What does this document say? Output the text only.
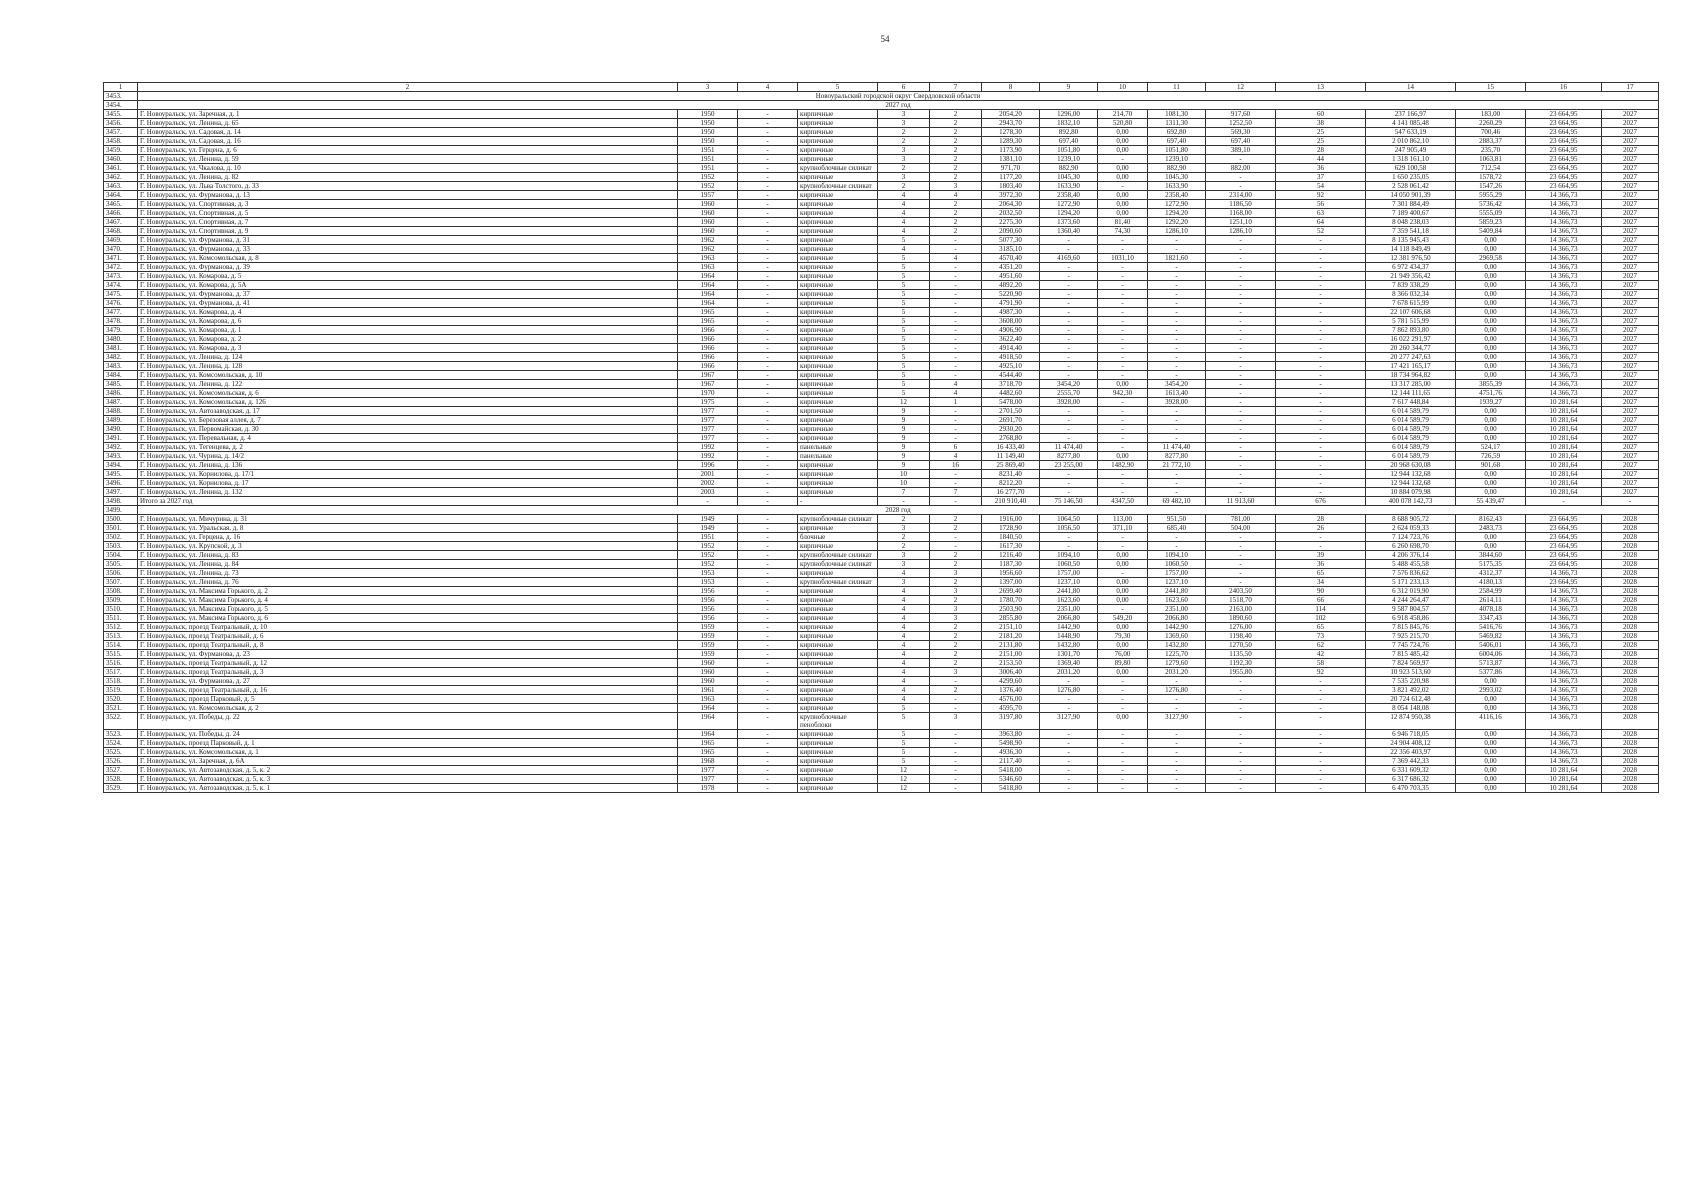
54
1	2	3	4	5	6	7	8	9	10	11	12	13	14	15	16	17
3453.	Новоуральский городской округ Свердловской области															
3454.	2027 год															
3455.	Г. Новоуральск, ул. Заречная, д. 1	1950	-	кирпичные	3	2	2054,20	1296,00	214,70	1081,30	917,60	60	237 166,97	183,00	23 664,95	2027
3456.	Г. Новоуральск, ул. Ленина, д. 65	1950	-	кирпичные	3	2	2943,70	1832,10	520,80	1311,30	1252,50	38	4 141 085,48	2260,29	23 664,95	2027
3457.	Г. Новоуральск, ул. Садовая, д. 14	1950	-	кирпичные	2	2	1278,30	892,80	0,00	692,80	569,30	25	547 633,19	700,46	23 664,95	2027
3458.	Г. Новоуральск, ул. Садовая, д. 16	1950	-	кирпичные	2	2	1289,30	697,40	0,00	697,40	697,40	25	2 010 862,10	2883,37	23 664,95	2027
3459.	Г. Новоуральск, ул. Герцена, д. 6	1951	-	кирпичные	3	2	1173,90	1051,80	0,00	1051,80	389,10	28	247 905,49	235,70	23 664,95	2027
3460.	Г. Новоуральск, ул. Ленина, д. 59	1951	-	кирпичные	3	2	1381,10	1239,10	-	1239,10	-	44	1 318 161,10	1063,81	23 664,95	2027
3461.	Г. Новоуральск, ул. Чкалова, д. 10	1951	-	крупноблочные силикат	2	2	971,70	882,90	0,00	882,90	882,00	36	629 100,58	712,54	23 664,95	2027
3462.	Г. Новоуральск, ул. Ленина, д. 82	1952	-	кирпичные	3	2	1177,20	1045,30	0,00	1045,30	-	37	1 650 235,05	1578,72	23 664,95	2027
3463.	Г. Новоуральск, ул. Льва Толстого, д. 33	1952	-	крупноблочные силикат	2	3	1803,40	1633,90	-	1633,90	-	54	2 528 061,42	1547,26	23 664,95	2027
3464.	Г. Новоуральск, ул. Фурманова, д. 13	1957	-	кирпичные	4	4	3972,30	2358,40	0,00	2358,40	2314,00	92	14 050 901,39	5955,29	14 366,73	2027
3465.	Г. Новоуральск, ул. Спортивная, д. 3	1960	-	кирпичные	4	2	2064,30	1272,90	0,00	1272,90	1186,50	56	7 301 884,49	5736,42	14 366,73	2027
3466.	Г. Новоуральск, ул. Спортивная, д. 5	1960	-	кирпичные	4	2	2032,50	1294,20	0,00	1294,20	1168,00	63	7 189 400,67	5555,09	14 366,73	2027
3467.	Г. Новоуральск, ул. Спортивная, д. 7	1960	-	кирпичные	4	2	2275,30	1373,60	81,40	1292,20	1251,10	64	8 048 238,03	5859,23	14 366,73	2027
3468.	Г. Новоуральск, ул. Спортивная, д. 9	1960	-	кирпичные	4	2	2090,60	1360,40	74,30	1286,10	1286,10	52	7 359 541,18	5409,84	14 366,73	2027
3469.	Г. Новоуральск, ул. Фурманова, д. 31	1962	-	кирпичные	5	-	5077,30	-	-	-	-	-	8 135 945,43	0,00	14 366,73	2027
3470.	Г. Новоуральск, ул. Фурманова, д. 33	1962	-	кирпичные	4	-	3185,10	-	-	-	-	-	14 118 849,49	0,00	14 366,73	2027
3471.	Г. Новоуральск, ул. Комсомольская, д. 8	1963	-	кирпичные	5	4	4570,40	4169,60	1031,10	1821,60	-	-	12 381 976,50	2969,58	14 366,73	2027
3472.	Г. Новоуральск, ул. Фурманова, д. 39	1963	-	кирпичные	5	-	4351,20	-	-	-	-	-	6 972 434,37	0,00	14 366,73	2027
3473.	Г. Новоуральск, ул. Комарова, д. 5	1964	-	кирпичные	5	-	4951,60	-	-	-	-	-	21 949 356,42	0,00	14 366,73	2027
3474.	Г. Новоуральск, ул. Комарова, д. 5А	1964	-	кирпичные	5	-	4892,20	-	-	-	-	-	7 839 338,29	0,00	14 366,73	2027
3475.	Г. Новоуральск, ул. Фурманова, д. 37	1964	-	кирпичные	5	-	5220,90	-	-	-	-	-	8 366 032,34	0,00	14 366,73	2027
3476.	Г. Новоуральск, ул. Фурманова, д. 41	1964	-	кирпичные	5	-	4791,90	-	-	-	-	-	7 678 615,99	0,00	14 366,73	2027
3477.	Г. Новоуральск, ул. Комарова, д. 4	1965	-	кирпичные	5	-	4987,30	-	-	-	-	-	22 107 606,68	0,00	14 366,73	2027
3478.	Г. Новоуральск, ул. Комарова, д. 6	1965	-	кирпичные	5	-	3608,00	-	-	-	-	-	5 781 515,99	0,00	14 366,73	2027
3479.	Г. Новоуральск, ул. Комарова, д. 1	1966	-	кирпичные	5	-	4906,90	-	-	-	-	-	7 862 893,80	0,00	14 366,73	2027
3480.	Г. Новоуральск, ул. Комарова, д. 2	1966	-	кирпичные	5	-	3622,40	-	-	-	-	-	16 022 291,97	0,00	14 366,73	2027
3481.	Г. Новоуральск, ул. Комарова, д. 3	1966	-	кирпичные	5	-	4914,40	-	-	-	-	-	20 260 344,77	0,00	14 366,73	2027
3482.	Г. Новоуральск, ул. Ленина, д. 124	1966	-	кирпичные	5	-	4918,50	-	-	-	-	-	20 277 247,63	0,00	14 366,73	2027
3483.	Г. Новоуральск, ул. Ленина, д. 128	1966	-	кирпичные	5	-	4925,10	-	-	-	-	-	17 421 165,17	0,00	14 366,73	2027
3484.	Г. Новоуральск, ул. Комсомольская, д. 10	1967	-	кирпичные	5	-	4544,40	-	-	-	-	-	18 734 964,82	0,00	14 366,73	2027
3485.	Г. Новоуральск, ул. Ленина, д. 122	1967	-	кирпичные	5	4	3718,70	3454,20	0,00	3454,20	-	-	13 317 285,00	3855,39	14 366,73	2027
3486.	Г. Новоуральск, ул. Комсомольская, д. 6	1970	-	кирпичные	5	4	4482,60	2555,70	942,30	1613,40	-	-	12 144 111,65	4751,76	14 366,73	2027
3487.	Г. Новоуральск, ул. Комсомольская, д. 126	1975	-	кирпичные	12	1	5478,00	3928,00	-	3928,00	-	-	7 617 448,84	1939,27	10 281,64	2027
3488.	Г. Новоуральск, ул. Автозаводская, д. 17	1977	-	кирпичные	9	-	2701,50	-	-	-	-	-	6 014 589,79	0,00	10 281,64	2027
3489.	Г. Новоуральск, ул. Березовая аллея, д. 7	1977	-	кирпичные	9	-	2691,70	-	-	-	-	-	6 014 589,79	0,00	10 281,64	2027
3490.	Г. Новоуральск, ул. Первомайская, д. 30	1977	-	кирпичные	9	-	2930,20	-	-	-	-	-	6 014 589,79	0,00	10 281,64	2027
3491.	Г. Новоуральск, ул. Перевальная, д. 4	1977	-	кирпичные	9	-	2768,80	-	-	-	-	-	6 014 589,79	0,00	10 281,64	2027
3492.	Г. Новоуральск, ул. Тегенцева, д. 2	1992	-	панельные	9	6	16 433,40	11 474,40	-	11 474,40	-	-	6 014 589,79	524,17	10 281,64	2027
3493.	Г. Новоуральск, ул. Чурина, д. 14/2	1992	-	панельные	9	4	11 149,40	8277,80	0,00	8277,80	-	-	6 014 589,79	726,59	10 281,64	2027
3494.	Г. Новоуральск, ул. Ленина, д. 136	1996	-	кирпичные	9	16	25 869,40	23 255,00	1482,90	21 772,10	-	-	20 968 630,08	901,68	10 281,64	2027
3495.	Г. Новоуральск, ул. Корнилова, д. 17/1	2001	-	кирпичные	10	-	8231,40	-	-	-	-	-	12 944 132,68	0,00	10 281,64	2027
3496.	Г. Новоуральск, ул. Корнилова, д. 17	2002	-	кирпичные	10	-	8212,20	-	-	-	-	-	12 944 132,68	0,00	10 281,64	2027
3497.	Г. Новоуральск, ул. Ленина, д. 132	2003	-	кирпичные	7	7	16 277,70	-	-	-	-	-	10 884 079,98	0,00	10 281,64	2027
3498.	Итого за 2027 год	-	-	-	-	-	210 910,40	75 146,50	4347,50	69 482,10	11 913,60	676	400 078 142,73	55 439,47	-	-
3499.	2028 год															
3500.	Г. Новоуральск, ул. Мичурина, д. 31	1949	-	крупноблочные силикат	2	2	1916,00	1064,50	113,00	951,50	781,00	28	8 688 905,72	8162,43	23 664,95	2028
3501.	Г. Новоуральск, ул. Уральская, д. 8	1949	-	кирпичные	3	2	1728,90	1056,50	371,10	685,40	504,00	26	2 624 059,33	2483,73	23 664,95	2028
3502.	Г. Новоуральск, ул. Герцена, д. 16	1951	-	блочные	2	-	1840,50	-	-	-	-	-	7 124 723,76	0,00	23 664,95	2028
3503.	Г. Новоуральск, ул. Крупской, д. 3	1952	-	кирпичные	2	-	1617,30	-	-	-	-	-	6 260 698,70	0,00	23 664,95	2028
3504.	Г. Новоуральск, ул. Ленина, д. 83	1952	-	крупноблочные силикат	3	2	1216,40	1094,10	0,00	1094,10	-	39	4 206 376,14	3844,60	23 664,95	2028
3505.	Г. Новоуральск, ул. Ленина, д. 84	1952	-	крупноблочные силикат	3	2	1187,30	1060,50	0,00	1060,50	-	36	5 488 455,58	5175,35	23 664,95	2028
3506.	Г. Новоуральск, ул. Ленина, д. 73	1953	-	кирпичные	4	3	1956,60	1757,00	-	1757,00	-	65	7 576 836,62	4312,37	14 366,73	2028
3507.	Г. Новоуральск, ул. Ленина, д. 76	1953	-	крупноблочные силикат	3	2	1397,00	1237,10	0,00	1237,10	-	34	5 171 233,13	4180,13	23 664,95	2028
3508.	Г. Новоуральск, ул. Максима Горького, д. 2	1956	-	кирпичные	4	3	2699,40	2441,80	0,00	2441,80	2403,50	90	6 312 019,90	2584,99	14 366,73	2028
3509.	Г. Новоуральск, ул. Максима Горького, д. 4	1956	-	кирпичные	4	2	1780,70	1623,60	0,00	1623,60	1518,70	66	4 244 264,47	2614,11	14 366,73	2028
3510.	Г. Новоуральск, ул. Максима Горького, д. 5	1956	-	кирпичные	4	3	2503,90	2351,00	-	2351,00	2163,00	114	9 587 804,57	4078,18	14 366,73	2028
3511.	Г. Новоуральск, ул. Максима Горького, д. 6	1956	-	кирпичные	4	3	2855,80	2066,80	549,20	2066,80	1890,60	102	6 918 458,86	3347,43	14 366,73	2028
3512.	Г. Новоуральск, проезд Театральный, д. 10	1959	-	кирпичные	4	2	2151,10	1442,90	0,00	1442,90	1276,00	65	7 815 845,76	5416,76	14 366,73	2028
3513.	Г. Новоуральск, проезд Театральный, д. 6	1959	-	кирпичные	4	2	2181,20	1448,90	79,30	1369,60	1198,40	73	7 925 215,70	5469,82	14 366,73	2028
3514.	Г. Новоуральск, проезд Театральный, д. 8	1959	-	кирпичные	4	2	2131,80	1432,80	0,00	1432,80	1270,50	62	7 745 724,76	5406,01	14 366,73	2028
3515.	Г. Новоуральск, ул. Фурманова, д. 23	1959	-	кирпичные	4	2	2151,00	1301,70	76,00	1225,70	1135,50	42	7 815 485,42	6004,06	14 366,73	2028
3516.	Г. Новоуральск, проезд Театральный, д. 12	1960	-	кирпичные	4	2	2153,50	1369,40	89,80	1279,60	1192,30	58	7 824 569,97	5713,87	14 366,73	2028
3517.	Г. Новоуральск, проезд Театральный, д. 3	1960	-	кирпичные	4	3	3006,40	2031,20	0,00	2031,20	1955,80	92	10 923 513,60	5377,86	14 366,73	2028
3518.	Г. Новоуральск, ул. Фурманова, д. 27	1960	-	кирпичные	4	-	4299,60	-	-	-	-	-	7 535 220,98	0,00	14 366,73	2028
3519.	Г. Новоуральск, проезд Театральный, д. 16	1961	-	кирпичные	4	2	1376,40	1276,80	-	1276,80	-	-	3 821 492,02	2993,02	14 366,73	2028
3520.	Г. Новоуральск, проезд Парковый, д. 5	1963	-	кирпичные	4	-	4576,00	-	-	-	-	-	20 724 612,48	0,00	14 366,73	2028
3521.	Г. Новоуральск, ул. Комсомольская, д. 2	1964	-	кирпичные	5	-	4595,70	-	-	-	-	-	8 054 148,08	0,00	14 366,73	2028
3522.	Г. Новоуральск, ул. Победы, д. 22	1964	-	крупноблочные пеноблоки	5	3	3197,80	3127,90	0,00	3127,90	-	-	12 874 950,38	4116,16	14 366,73	2028
3523.	Г. Новоуральск, ул. Победы, д. 24	1964	-	кирпичные	5	-	3963,80	-	-	-	-	-	6 946 718,05	0,00	14 366,73	2028
3524.	Г. Новоуральск, проезд Парковый, д. 1	1965	-	кирпичные	5	-	5498,90	-	-	-	-	-	24 904 408,12	0,00	14 366,73	2028
3525.	Г. Новоуральск, ул. Комсомольская, д. 1	1965	-	кирпичные	5	-	4936,30	-	-	-	-	-	22 356 403,97	0,00	14 366,73	2028
3526.	Г. Новоуральск, ул. Заречная, д. 6А	1968	-	кирпичные	5	-	2117,40	-	-	-	-	-	7 369 442,33	0,00	14 366,73	2028
3527.	Г. Новоуральск, ул. Автозаводская, д. 5, к. 2	1977	-	кирпичные	12	-	5418,00	-	-	-	-	-	6 331 609,32	0,00	10 281,64	2028
3528.	Г. Новоуральск, ул. Автозаводская, д. 5, к. 3	1977	-	кирпичные	12	-	5346,60	-	-	-	-	-	6 317 686,32	0,00	10 281,64	2028
3529.	Г. Новоуральск, ул. Автозаводская, д. 5, к. 1	1978	-	кирпичные	12	-	5418,80	-	-	-	-	-	6 470 703,35	0,00	10 281,64	2028
